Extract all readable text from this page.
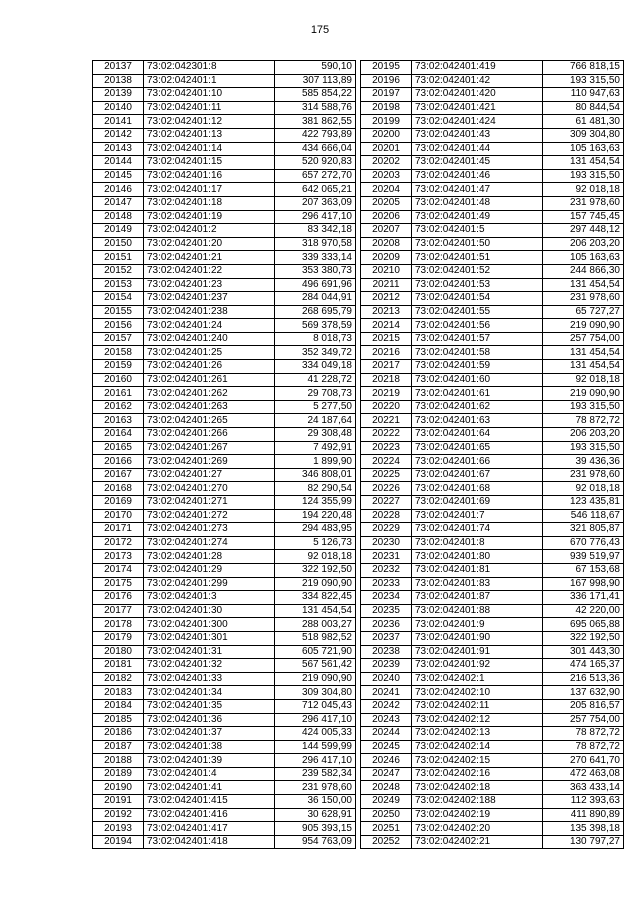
175
20137	73:02:042301:8	590,10
20138	73:02:042401:1	307 113,89
20139	73:02:042401:10	585 854,22
20140	73:02:042401:11	314 588,76
20141	73:02:042401:12	381 862,55
20142	73:02:042401:13	422 793,89
20143	73:02:042401:14	434 666,04
20144	73:02:042401:15	520 920,83
20145	73:02:042401:16	657 272,70
20146	73:02:042401:17	642 065,21
20147	73:02:042401:18	207 363,09
20148	73:02:042401:19	296 417,10
20149	73:02:042401:2	83 342,18
20150	73:02:042401:20	318 970,58
20151	73:02:042401:21	339 333,14
20152	73:02:042401:22	353 380,73
20153	73:02:042401:23	496 691,96
20154	73:02:042401:237	284 044,91
20155	73:02:042401:238	268 695,79
20156	73:02:042401:24	569 378,59
20157	73:02:042401:240	8 018,73
20158	73:02:042401:25	352 349,72
20159	73:02:042401:26	334 049,18
20160	73:02:042401:261	41 228,72
20161	73:02:042401:262	29 708,73
20162	73:02:042401:263	5 277,50
20163	73:02:042401:265	24 187,64
20164	73:02:042401:266	29 308,48
20165	73:02:042401:267	7 492,91
20166	73:02:042401:269	1 899,90
20167	73:02:042401:27	346 808,01
20168	73:02:042401:270	82 290,54
20169	73:02:042401:271	124 355,99
20170	73:02:042401:272	194 220,48
20171	73:02:042401:273	294 483,95
20172	73:02:042401:274	5 126,73
20173	73:02:042401:28	92 018,18
20174	73:02:042401:29	322 192,50
20175	73:02:042401:299	219 090,90
20176	73:02:042401:3	334 822,45
20177	73:02:042401:30	131 454,54
20178	73:02:042401:300	288 003,27
20179	73:02:042401:301	518 982,52
20180	73:02:042401:31	605 721,90
20181	73:02:042401:32	567 561,42
20182	73:02:042401:33	219 090,90
20183	73:02:042401:34	309 304,80
20184	73:02:042401:35	712 045,43
20185	73:02:042401:36	296 417,10
20186	73:02:042401:37	424 005,33
20187	73:02:042401:38	144 599,99
20188	73:02:042401:39	296 417,10
20189	73:02:042401:4	239 582,34
20190	73:02:042401:41	231 978,60
20191	73:02:042401:415	36 150,00
20192	73:02:042401:416	30 628,91
20193	73:02:042401:417	905 393,15
20194	73:02:042401:418	954 763,09
20195	73:02:042401:419	766 818,15
20196	73:02:042401:42	193 315,50
20197	73:02:042401:420	110 947,63
20198	73:02:042401:421	80 844,54
20199	73:02:042401:424	61 481,30
20200	73:02:042401:43	309 304,80
20201	73:02:042401:44	105 163,63
20202	73:02:042401:45	131 454,54
20203	73:02:042401:46	193 315,50
20204	73:02:042401:47	92 018,18
20205	73:02:042401:48	231 978,60
20206	73:02:042401:49	157 745,45
20207	73:02:042401:5	297 448,12
20208	73:02:042401:50	206 203,20
20209	73:02:042401:51	105 163,63
20210	73:02:042401:52	244 866,30
20211	73:02:042401:53	131 454,54
20212	73:02:042401:54	231 978,60
20213	73:02:042401:55	65 727,27
20214	73:02:042401:56	219 090,90
20215	73:02:042401:57	257 754,00
20216	73:02:042401:58	131 454,54
20217	73:02:042401:59	131 454,54
20218	73:02:042401:60	92 018,18
20219	73:02:042401:61	219 090,90
20220	73:02:042401:62	193 315,50
20221	73:02:042401:63	78 872,72
20222	73:02:042401:64	206 203,20
20223	73:02:042401:65	193 315,50
20224	73:02:042401:66	39 436,36
20225	73:02:042401:67	231 978,60
20226	73:02:042401:68	92 018,18
20227	73:02:042401:69	123 435,81
20228	73:02:042401:7	546 118,67
20229	73:02:042401:74	321 805,87
20230	73:02:042401:8	670 776,43
20231	73:02:042401:80	939 519,97
20232	73:02:042401:81	67 153,68
20233	73:02:042401:83	167 998,90
20234	73:02:042401:87	336 171,41
20235	73:02:042401:88	42 220,00
20236	73:02:042401:9	695 065,88
20237	73:02:042401:90	322 192,50
20238	73:02:042401:91	301 443,30
20239	73:02:042401:92	474 165,37
20240	73:02:042402:1	216 513,36
20241	73:02:042402:10	137 632,90
20242	73:02:042402:11	205 816,57
20243	73:02:042402:12	257 754,00
20244	73:02:042402:13	78 872,72
20245	73:02:042402:14	78 872,72
20246	73:02:042402:15	270 641,70
20247	73:02:042402:16	472 463,08
20248	73:02:042402:18	363 433,14
20249	73:02:042402:188	112 393,63
20250	73:02:042402:19	411 890,89
20251	73:02:042402:20	135 398,18
20252	73:02:042402:21	130 797,27
